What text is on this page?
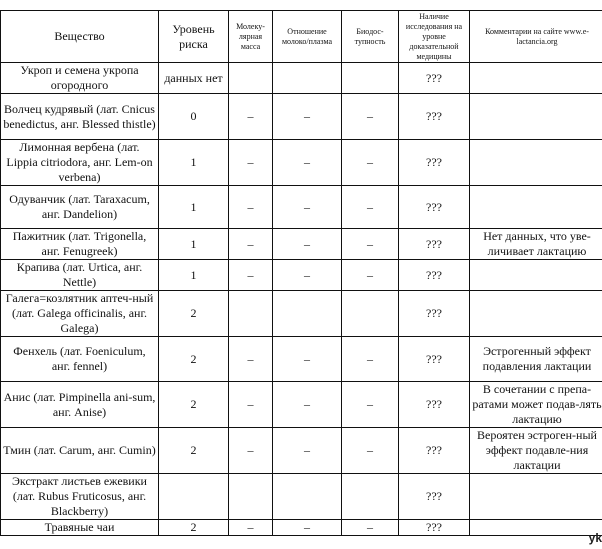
Вещество	Уровень риска	Молеку-лярная масса	Отношение молоко/плазма	Биодос-тупность	Наличие исследования на уровне доказательной медицины	Комментарии на сайте www.e-lactancia.org
Укроп и семена укропа огородного	данных нет				???	
Волчец кудрявый (лат. Cnicus benedictus, анг. Blessed thistle)	0	–	–	–	???	
Лимонная вербена (лат. Lippia citriodora, анг. Lem-on verbena)	1	–	–	–	???	
Одуванчик (лат. Taraxacum, анг. Dandelion)	1	–	–	–	???	
Пажитник (лат. Trigonella, анг. Fenugreek)	1	–	–	–	???	Нет данных, что уве-личивает лактацию
Крапива (лат. Urtica, анг. Nettle)	1	–	–	–	???	
Галега=козлятник аптеч-ный (лат. Galega officinalis, анг. Galega)	2				???	
Фенхель (лат. Foeniculum, анг. fennel)	2	–	–	–	???	Эстрогенный эффект подавления лактации
Анис (лат. Pimpinella ani-sum, анг. Anise)	2	–	–	–	???	В сочетании с препа-ратами может подав-лять лактацию
Тмин (лат. Carum, анг. Cumin)	2	–	–	–	???	Вероятен эстроген-ный эффект подавле-ния лактации
Экстракт листьев ежевики (лат. Rubus Fruticosus, анг. Blackberry)					???	
Травяные чаи	2	–	–	–	???	
yk
